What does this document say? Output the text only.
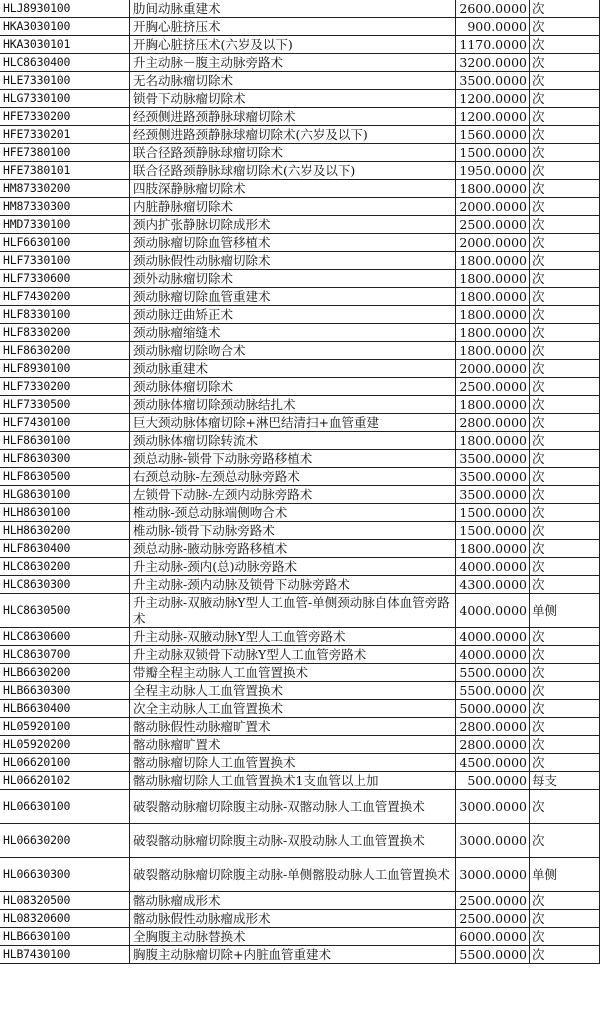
HLJ8930100	肋间动脉重建术	2600.0000	次
HKA3030100	开胸心脏挤压术	900.0000	次
HKA3030101	开胸心脏挤压术(六岁及以下)	1170.0000	次
HLC8630400	升主动脉－腹主动脉旁路术	3200.0000	次
HLE7330100	无名动脉瘤切除术	3500.0000	次
HLG7330100	锁骨下动脉瘤切除术	1200.0000	次
HFE7330200	经颈侧进路颈静脉球瘤切除术	1200.0000	次
HFE7330201	经颈侧进路颈静脉球瘤切除术(六岁及以下)	1560.0000	次
HFE7380100	联合径路颈静脉球瘤切除术	1500.0000	次
HFE7380101	联合径路颈静脉球瘤切除术(六岁及以下)	1950.0000	次
HM87330200	四肢深静脉瘤切除术	1800.0000	次
HM87330300	内脏静脉瘤切除术	2000.0000	次
HMD7330100	颈内扩张静脉切除成形术	2500.0000	次
HLF6630100	颈动脉瘤切除血管移植术	2000.0000	次
HLF7330100	颈动脉假性动脉瘤切除术	1800.0000	次
HLF7330600	颈外动脉瘤切除术	1800.0000	次
HLF7430200	颈动脉瘤切除血管重建术	1800.0000	次
HLF8330100	颈动脉迂曲矫正术	1800.0000	次
HLF8330200	颈动脉瘤缩缝术	1800.0000	次
HLF8630200	颈动脉瘤切除吻合术	1800.0000	次
HLF8930100	颈动脉重建术	2000.0000	次
HLF7330200	颈动脉体瘤切除术	2500.0000	次
HLF7330500	颈动脉体瘤切除颈动脉结扎术	1800.0000	次
HLF7430100	巨大颈动脉体瘤切除+淋巴结清扫+血管重建	2800.0000	次
HLF8630100	颈动脉体瘤切除转流术	1800.0000	次
HLF8630300	颈总动脉-锁骨下动脉旁路移植术	3500.0000	次
HLF8630500	右颈总动脉-左颈总动脉旁路术	3500.0000	次
HLG8630100	左锁骨下动脉-左颈内动脉旁路术	3500.0000	次
HLH8630100	椎动脉-颈总动脉端侧吻合术	1500.0000	次
HLH8630200	椎动脉-锁骨下动脉旁路术	1500.0000	次
HLF8630400	颈总动脉-腋动脉旁路移植术	1800.0000	次
HLC8630200	升主动脉-颈内(总)动脉旁路术	4000.0000	次
HLC8630300	升主动脉-颈内动脉及锁骨下动脉旁路术	4300.0000	次
HLC8630500	升主动脉-双腋动脉Y型人工血管-单侧颈动脉自体血管旁路术	4000.0000	单侧
HLC8630600	升主动脉-双腋动脉Y型人工血管旁路术	4000.0000	次
HLC8630700	升主动脉双锁骨下动脉Y型人工血管旁路术	4000.0000	次
HLB6630200	带瓣全程主动脉人工血管置换术	5500.0000	次
HLB6630300	全程主动脉人工血管置换术	5500.0000	次
HLB6630400	次全主动脉人工血管置换术	5000.0000	次
HL05920100	髂动脉假性动脉瘤旷置术	2800.0000	次
HL05920200	髂动脉瘤旷置术	2800.0000	次
HL06620100	髂动脉瘤切除人工血管置换术	4500.0000	次
HL06620102	髂动脉瘤切除人工血管置换术1支血管以上加	500.0000	每支
HL06630100	破裂髂动脉瘤切除腹主动脉-双髂动脉人工血管置换术	3000.0000	次
HL06630200	破裂髂动脉瘤切除腹主动脉-双股动脉人工血管置换术	3000.0000	次
HL06630300	破裂髂动脉瘤切除腹主动脉-单侧髂股动脉人工血管置换术	3000.0000	单侧
HL08320500	髂动脉瘤成形术	2500.0000	次
HL08320600	髂动脉假性动脉瘤成形术	2500.0000	次
HLB6630100	全胸腹主动脉替换术	6000.0000	次
HLB7430100	胸腹主动脉瘤切除+内脏血管重建术	5500.0000	次
